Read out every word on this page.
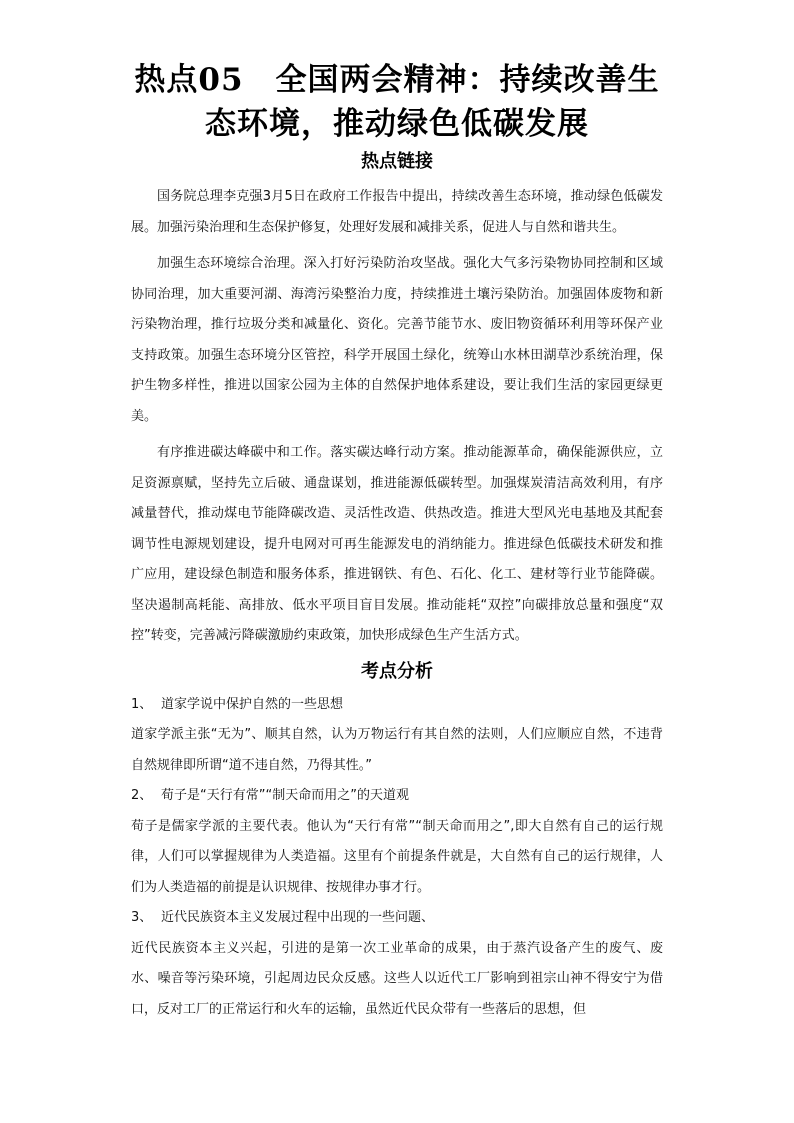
热点05　全国两会精神：持续改善生
态环境，推动绿色低碳发展
热点链接

国务院总理李克强3月5日在政府工作报告中提出，持续改善生态环境，推动绿色低碳发展。加强污染治理和生态保护修复，处理好发展和减排关系，促进人与自然和谐共生。

加强生态环境综合治理。深入打好污染防治攻坚战。强化大气多污染物协同控制和区域协同治理，加大重要河湖、海湾污染整治力度，持续推进土壤污染防治。加强固体废物和新污染物治理，推行垃圾分类和减量化、资化。完善节能节水、废旧物资循环利用等环保产业支持政策。加强生态环境分区管控，科学开展国土绿化，统筹山水林田湖草沙系统治理，保护生物多样性，推进以国家公园为主体的自然保护地体系建设，要让我们生活的家园更绿更美。

有序推进碳达峰碳中和工作。落实碳达峰行动方案。推动能源革命，确保能源供应，立足资源禀赋，坚持先立后破、通盘谋划，推进能源低碳转型。加强煤炭清洁高效利用，有序减量替代，推动煤电节能降碳改造、灵活性改造、供热改造。推进大型风光电基地及其配套调节性电源规划建设，提升电网对可再生能源发电的消纳能力。推进绿色低碳技术研发和推广应用，建设绿色制造和服务体系，推进钢铁、有色、石化、化工、建材等行业节能降碳。坚决遏制高耗能、高排放、低水平项目盲目发展。推动能耗“双控”向碳排放总量和强度“双控”转变，完善减污降碳激励约束政策，加快形成绿色生产生活方式。

考点分析

1、 道家学说中保护自然的一些思想

道家学派主张“无为”、顺其自然，认为万物运行有其自然的法则，人们应顺应自然，不违背自然规律即所谓“道不违自然，乃得其性。”

2、 荀子是“天行有常”“制天命而用之”的天道观

荀子是儒家学派的主要代表。他认为“天行有常”“制天命而用之”,即大自然有自己的运行规律，人们可以掌握规律为人类造福。这里有个前提条件就是，大自然有自己的运行规律，人们为人类造福的前提是认识规律、按规律办事才行。

3、 近代民族资本主义发展过程中出现的一些问题、

近代民族资本主义兴起，引进的是第一次工业革命的成果，由于蒸汽设备产生的废气、废水、噪音等污染环境，引起周边民众反感。这些人以近代工厂影响到祖宗山神不得安宁为借口，反对工厂的正常运行和火车的运输，虽然近代民众带有一些落后的思想，但
